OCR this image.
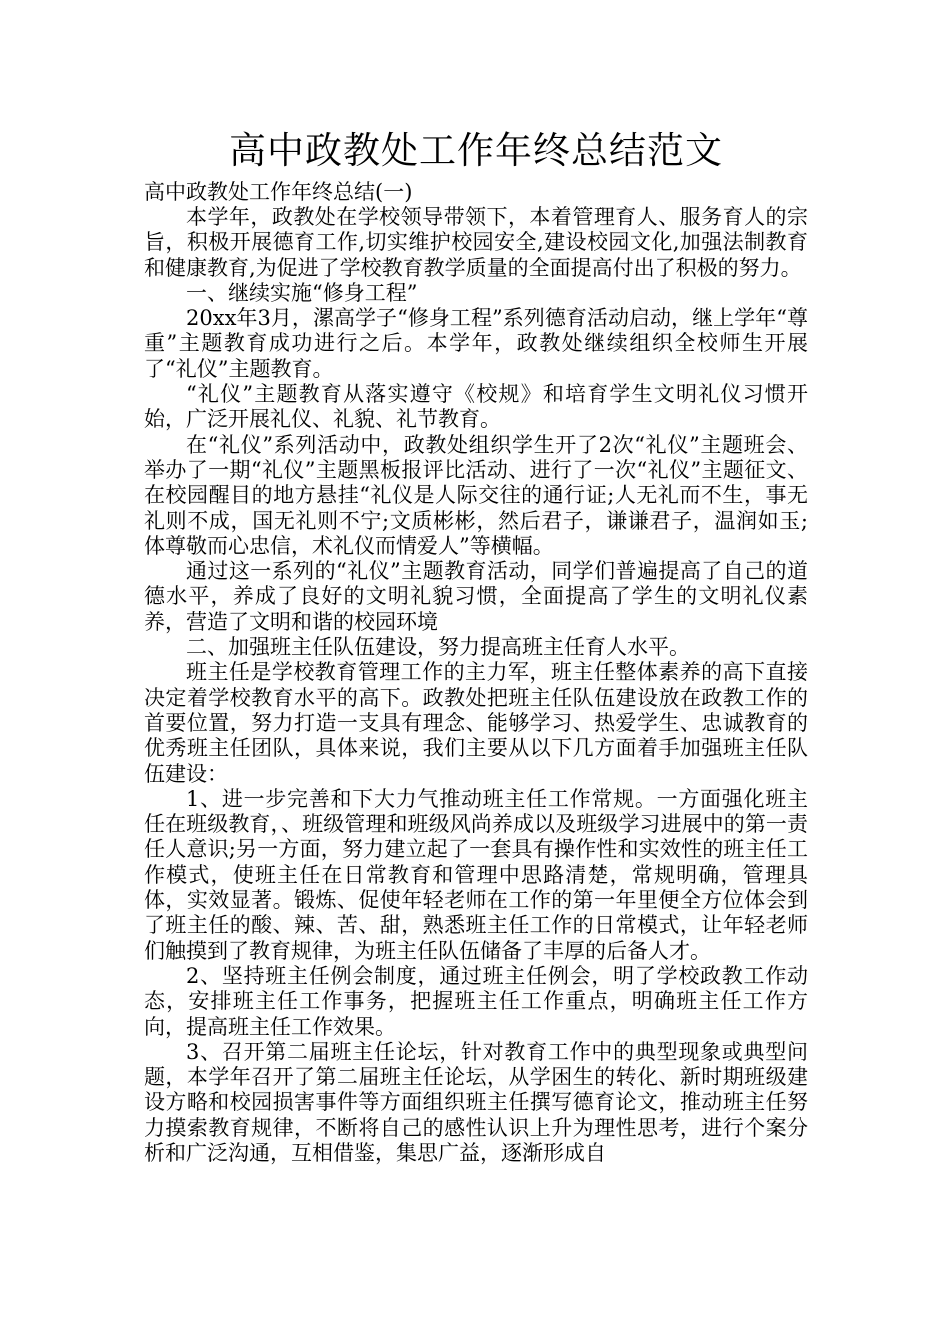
高中政教处工作年终总结范文

高中政教处工作年终总结(一)

本学年，政教处在学校领导带领下，本着管理育人、服务育人的宗旨，积极开展德育工作,切实维护校园安全,建设校园文化,加强法制教育和健康教育,为促进了学校教育教学质量的全面提高付出了积极的努力。

一、继续实施“修身工程”

20xx年3月，漯高学子“修身工程”系列德育活动启动，继上学年“尊重”主题教育成功进行之后。本学年，政教处继续组织全校师生开展了“礼仪”主题教育。

“礼仪”主题教育从落实遵守《校规》和培育学生文明礼仪习惯开始，广泛开展礼仪、礼貌、礼节教育。

在“礼仪”系列活动中，政教处组织学生开了2次“礼仪”主题班会、举办了一期“礼仪”主题黑板报评比活动、进行了一次“礼仪”主题征文、在校园醒目的地方悬挂“礼仪是人际交往的通行证;人无礼而不生，事无礼则不成，国无礼则不宁;文质彬彬，然后君子，谦谦君子，温润如玉;体尊敬而心忠信，术礼仪而情爱人”等横幅。

通过这一系列的“礼仪”主题教育活动，同学们普遍提高了自己的道德水平，养成了良好的文明礼貌习惯，全面提高了学生的文明礼仪素养，营造了文明和谐的校园环境

二、加强班主任队伍建设，努力提高班主任育人水平。

班主任是学校教育管理工作的主力军，班主任整体素养的高下直接决定着学校教育水平的高下。政教处把班主任队伍建设放在政教工作的首要位置，努力打造一支具有理念、能够学习、热爱学生、忠诚教育的优秀班主任团队，具体来说，我们主要从以下几方面着手加强班主任队伍建设：

1、进一步完善和下大力气推动班主任工作常规。一方面强化班主任在班级教育，、班级管理和班级风尚养成以及班级学习进展中的第一责任人意识;另一方面，努力建立起了一套具有操作性和实效性的班主任工作模式，使班主任在日常教育和管理中思路清楚，常规明确，管理具体，实效显著。锻炼、促使年轻老师在工作的第一年里便全方位体会到了班主任的酸、辣、苦、甜，熟悉班主任工作的日常模式，让年轻老师们触摸到了教育规律，为班主任队伍储备了丰厚的后备人才。

2、坚持班主任例会制度，通过班主任例会，明了学校政教工作动态，安排班主任工作事务，把握班主任工作重点，明确班主任工作方向，提高班主任工作效果。

3、召开第二届班主任论坛，针对教育工作中的典型现象或典型问题，本学年召开了第二届班主任论坛，从学困生的转化、新时期班级建设方略和校园损害事件等方面组织班主任撰写德育论文，推动班主任努力摸索教育规律，不断将自己的感性认识上升为理性思考，进行个案分析和广泛沟通，互相借鉴，集思广益，逐渐形成自
